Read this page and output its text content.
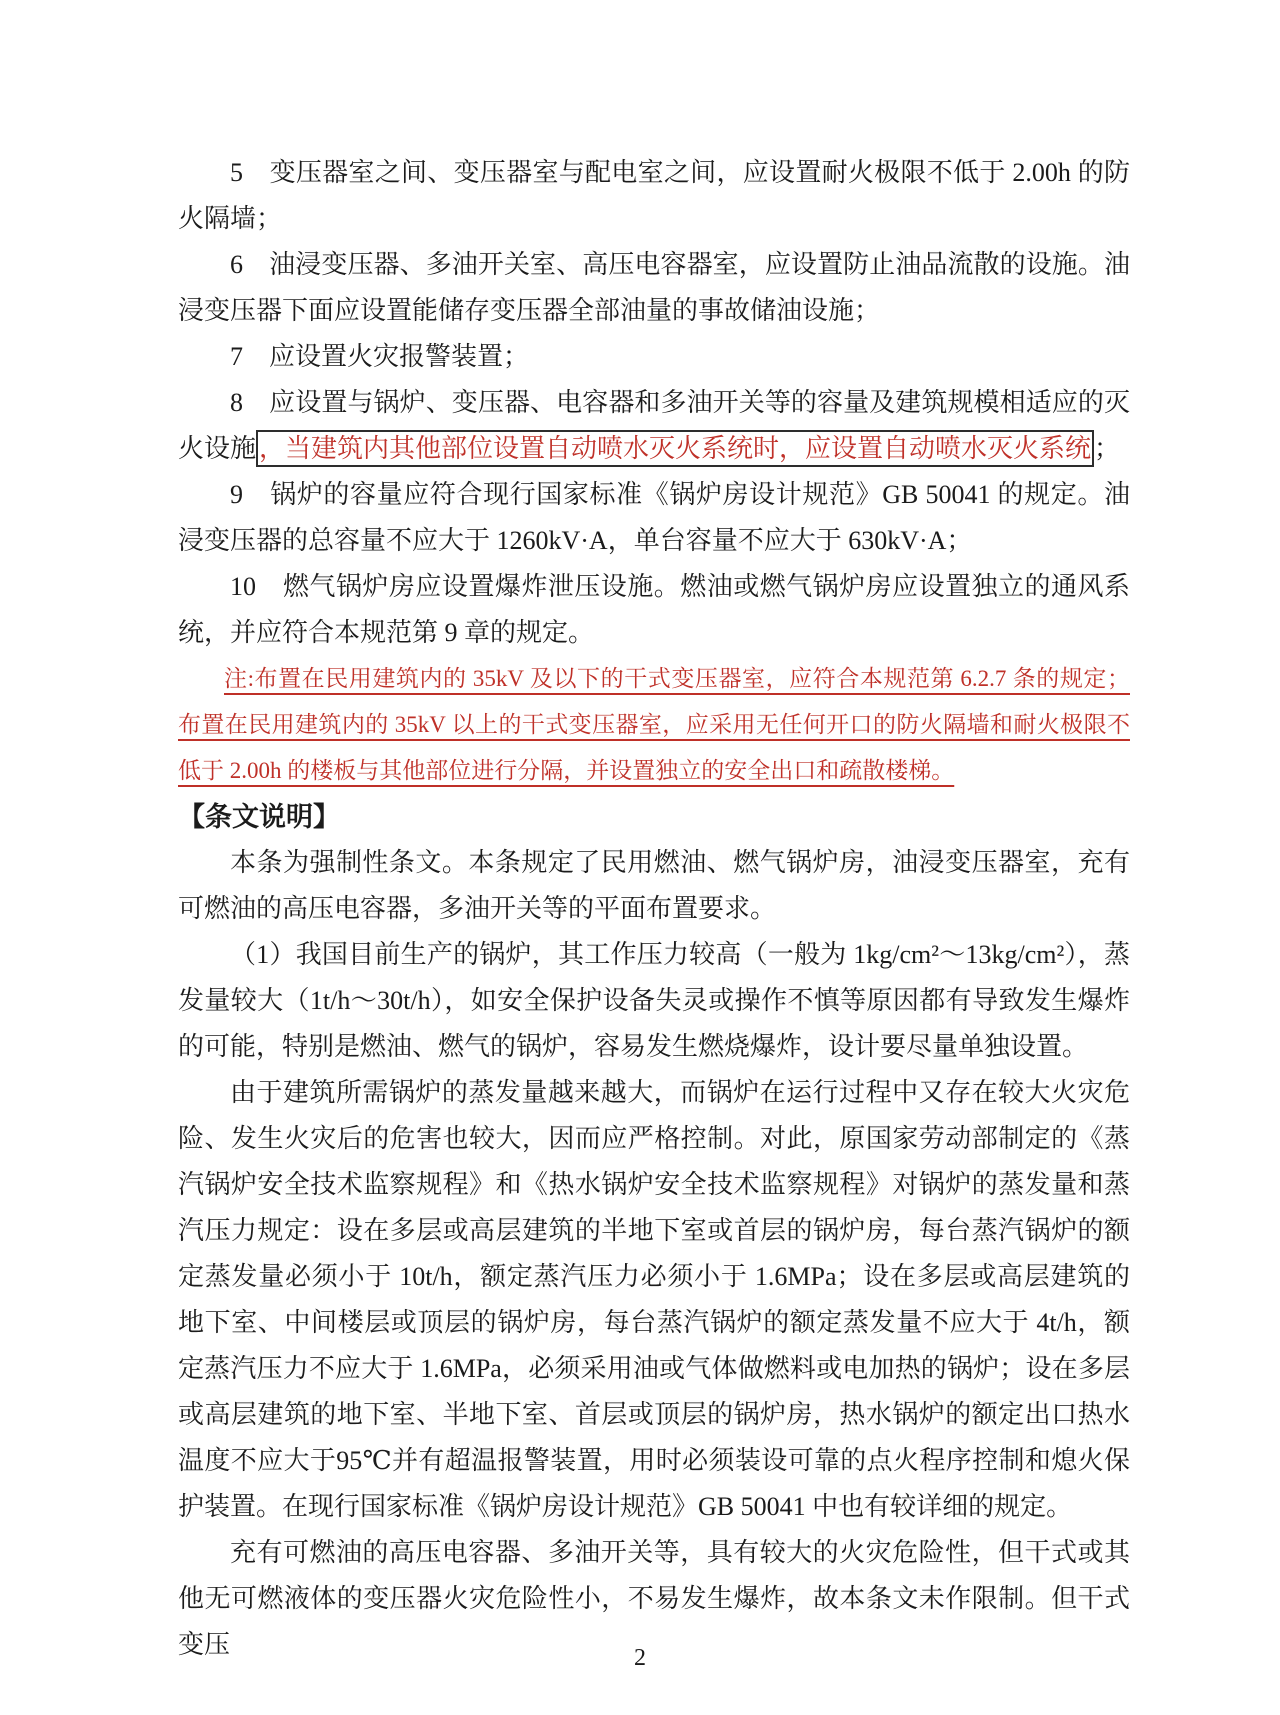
5　变压器室之间、变压器室与配电室之间，应设置耐火极限不低于 2.00h 的防火隔墙；

6　油浸变压器、多油开关室、高压电容器室，应设置防止油品流散的设施。油浸变压器下面应设置能储存变压器全部油量的事故储油设施；

7　应设置火灾报警装置；

8　应设置与锅炉、变压器、电容器和多油开关等的容量及建筑规模相适应的灭火设施 ，当建筑内其他部位设置自动喷水灭火系统时，应设置自动喷水灭火系统 ；

9　锅炉的容量应符合现行国家标准《锅炉房设计规范》GB 50041 的规定。油浸变压器的总容量不应大于 1260kV·A，单台容量不应大于 630kV·A；

10　燃气锅炉房应设置爆炸泄压设施。燃油或燃气锅炉房应设置独立的通风系统，并应符合本规范第 9 章的规定。

注:布置在民用建筑内的 35kV 及以下的干式变压器室，应符合本规范第 6.2.7 条的规定；布置在民用建筑内的 35kV 以上的干式变压器室，应采用无任何开口的防火隔墙和耐火极限不低于 2.00h 的楼板与其他部位进行分隔，并设置独立的安全出口和疏散楼梯。

【条文说明】

本条为强制性条文。本条规定了民用燃油、燃气锅炉房，油浸变压器室，充有可燃油的高压电容器，多油开关等的平面布置要求。

（1）我国目前生产的锅炉，其工作压力较高（一般为 1kg/cm²～13kg/cm²），蒸发量较大（1t/h～30t/h），如安全保护设备失灵或操作不慎等原因都有导致发生爆炸的可能，特别是燃油、燃气的锅炉，容易发生燃烧爆炸，设计要尽量单独设置。

由于建筑所需锅炉的蒸发量越来越大，而锅炉在运行过程中又存在较大火灾危险、发生火灾后的危害也较大，因而应严格控制。对此，原国家劳动部制定的《蒸汽锅炉安全技术监察规程》和《热水锅炉安全技术监察规程》对锅炉的蒸发量和蒸汽压力规定：设在多层或高层建筑的半地下室或首层的锅炉房，每台蒸汽锅炉的额定蒸发量必须小于 10t/h，额定蒸汽压力必须小于 1.6MPa；设在多层或高层建筑的地下室、中间楼层或顶层的锅炉房，每台蒸汽锅炉的额定蒸发量不应大于 4t/h，额定蒸汽压力不应大于 1.6MPa，必须采用油或气体做燃料或电加热的锅炉；设在多层或高层建筑的地下室、半地下室、首层或顶层的锅炉房，热水锅炉的额定出口热水温度不应大于95℃并有超温报警装置，用时必须装设可靠的点火程序控制和熄火保护装置。在现行国家标准《锅炉房设计规范》GB 50041 中也有较详细的规定。

充有可燃油的高压电容器、多油开关等，具有较大的火灾危险性，但干式或其他无可燃液体的变压器火灾危险性小，不易发生爆炸，故本条文未作限制。但干式变压	2
